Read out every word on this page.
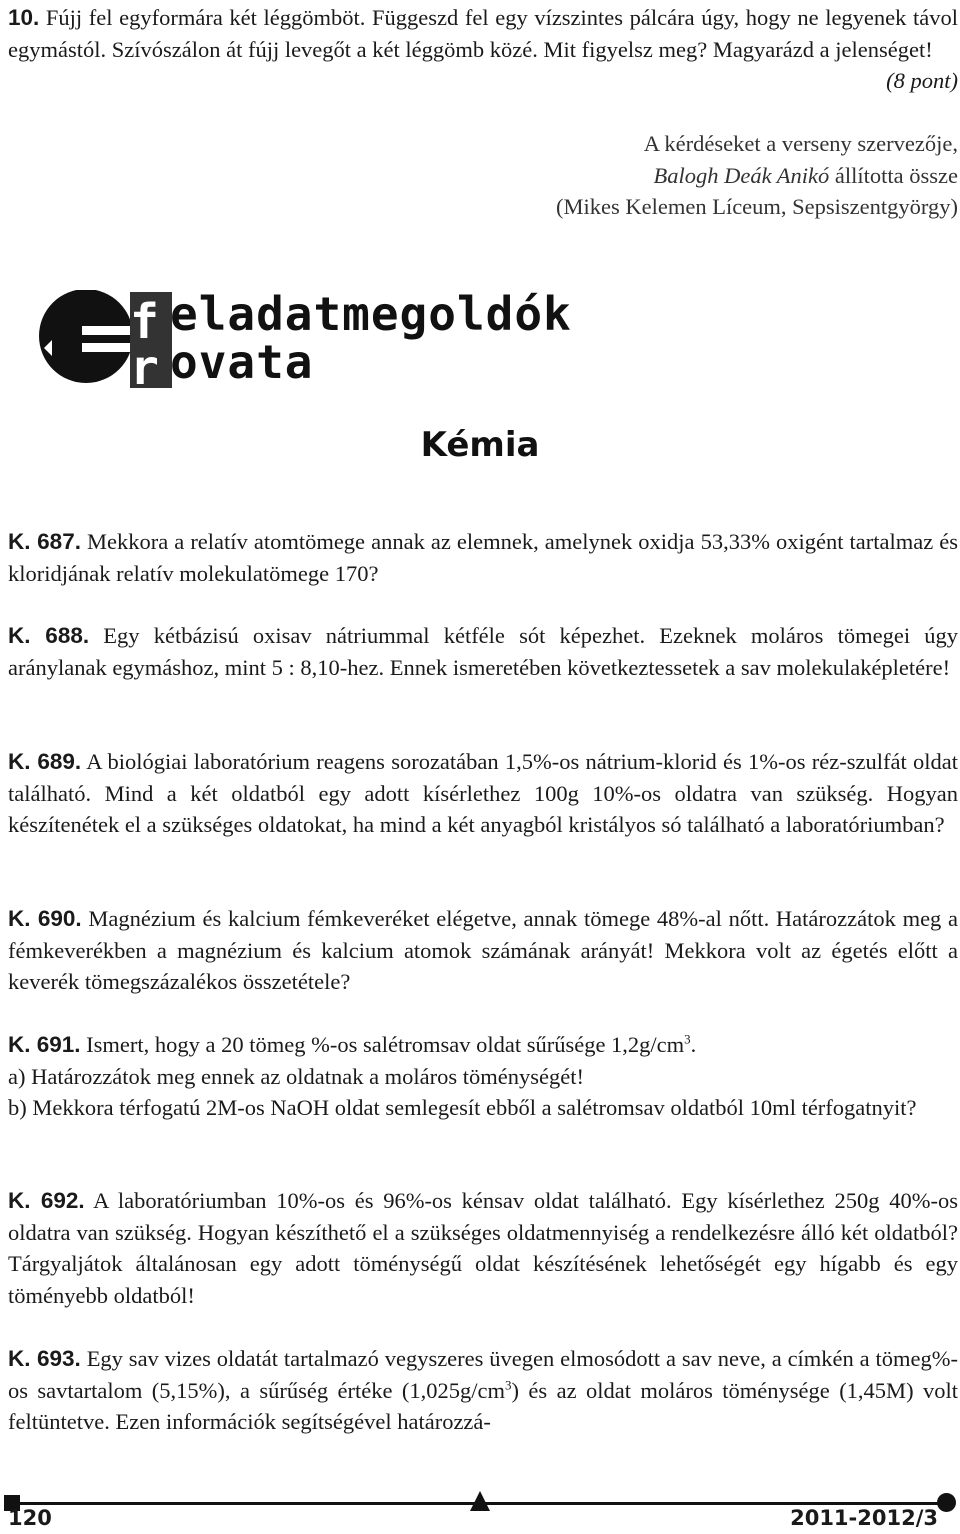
10. Fújj fel egyformára két léggömböt. Függeszd fel egy vízszintes pálcára úgy, hogy ne legyenek távol egymástól. Szívószálon át fújj levegőt a két léggömb közé. Mit figyelsz meg? Magyarázd a jelenséget!
(8 pont)
A kérdéseket a verseny szervezője,
Balogh Deák Anikó állította össze
(Mikes Kelemen Líceum, Sepsiszentgyörgy)
f
r
eladatmegoldók
ovata
Kémia
K. 687. Mekkora a relatív atomtömege annak az elemnek, amelynek oxidja 53,33% oxigént tartalmaz és kloridjának relatív molekulatömege 170?
K. 688. Egy kétbázisú oxisav nátriummal kétféle sót képezhet. Ezeknek moláros tömegei úgy aránylanak egymáshoz, mint 5 : 8,10-hez. Ennek ismeretében következtessetek a sav molekulaképletére!
K. 689. A biológiai laboratórium reagens sorozatában 1,5%-os nátrium-klorid és 1%-os réz-szulfát oldat található. Mind a két oldatból egy adott kísérlethez 100g 10%-os oldatra van szükség. Hogyan készítenétek el a szükséges oldatokat, ha mind a két anyagból kristályos só található a laboratóriumban?
K. 690. Magnézium és kalcium fémkeveréket elégetve, annak tömege 48%-al nőtt. Határozzátok meg a fémkeverékben a magnézium és kalcium atomok számának arányát! Mekkora volt az égetés előtt a keverék tömegszázalékos összetétele?
K. 691. Ismert, hogy a 20 tömeg %-os salétromsav oldat sűrűsége $1,2g/cm^3$.
a) Határozzátok meg ennek az oldatnak a moláros töménységét!
b) Mekkora térfogatú 2M-os NaOH oldat semlegesít ebből a salétromsav oldatból 10ml térfogatnyit?
K. 692. A laboratóriumban 10%-os és 96%-os kénsav oldat található. Egy kísérlethez 250g 40%-os oldatra van szükség. Hogyan készíthető el a szükséges oldatmennyiség a rendelkezésre álló két oldatból? Tárgyaljátok általánosan egy adott töménységű oldat készítésének lehetőségét egy hígabb és egy töményebb oldatból!
K. 693. Egy sav vizes oldatát tartalmazó vegyszeres üvegen elmosódott a sav neve, a címkén a tömeg%-os savtartalom (5,15%), a sűrűség értéke $(1,025g/cm^3)$ és az oldat moláros töménysége (1,45M) volt feltüntetve. Ezen információk segítségével határozzá-
120	2011-2012/3
